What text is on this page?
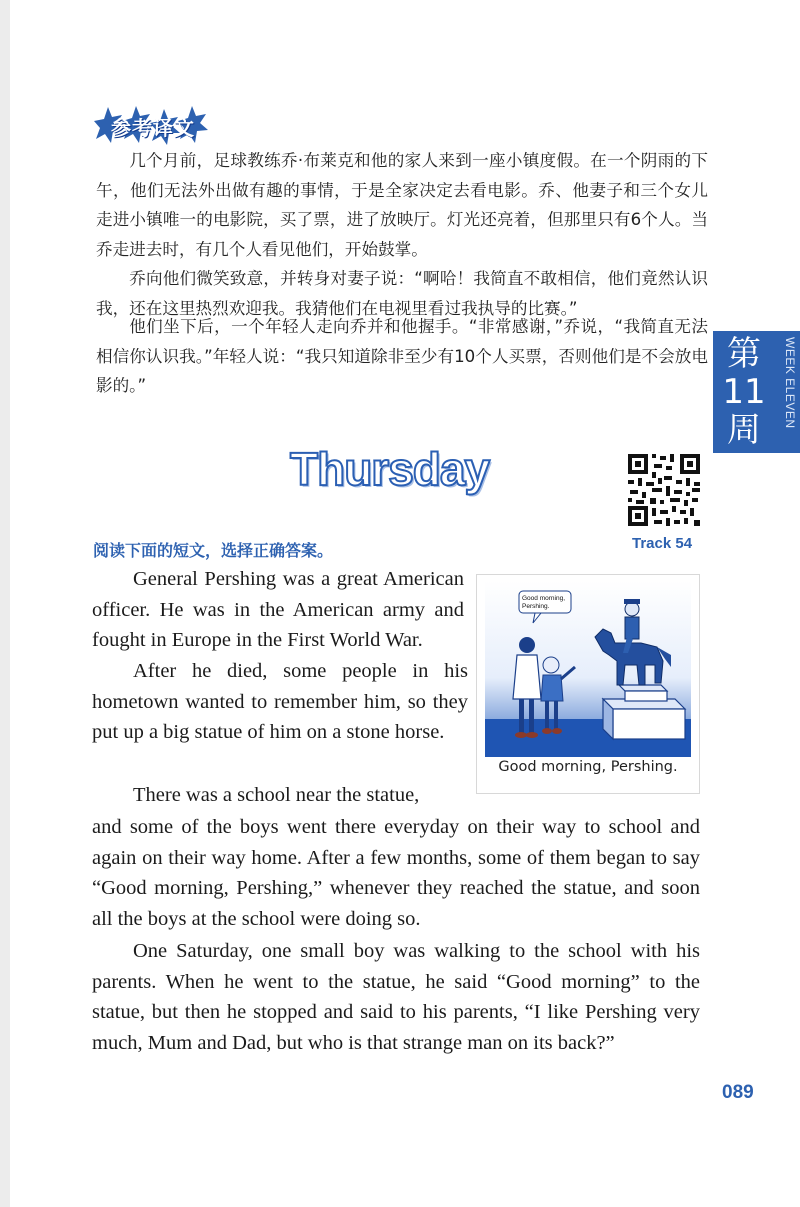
参考译文

几个月前，足球教练乔·布莱克和他的家人来到一座小镇度假。在一个阴雨的下午，他们无法外出做有趣的事情，于是全家决定去看电影。乔、他妻子和三个女儿走进小镇唯一的电影院，买了票，进了放映厅。灯光还亮着，但那里只有6个人。当乔走进去时，有几个人看见他们，开始鼓掌。

乔向他们微笑致意，并转身对妻子说：“啊哈！我简直不敢相信，他们竟然认识我，还在这里热烈欢迎我。我猜他们在电视里看过我执导的比赛。”

他们坐下后，一个年轻人走向乔并和他握手。“非常感谢，”乔说，“我简直无法相信你认识我。”年轻人说：“我只知道除非至少有10个人买票，否则他们是不会放电影的。”

第11周
WEEK ELEVEN
Thursday
Track 54
阅读下面的短文，选择正确答案。

General Pershing was a great American officer. He was in the American army and fought in Europe in the First World War.

After he died, some people in his hometown wanted to remember him, so they put up a big statue of him on a stone horse.

There was a school near the statue,

and some of the boys went there everyday on their way to school and again on their way home. After a few months, some of them began to say “Good morning, Pershing,” whenever they reached the statue, and soon all the boys at the school were doing so.

One Saturday, one small boy was walking to the school with his parents. When he went to the statue, he said “Good morning” to the statue, but then he stopped and said to his parents, “I like Pershing very much, Mum and Dad, but who is that strange man on its back?”

Good morning,
Pershing.
Good morning, Pershing.
089
